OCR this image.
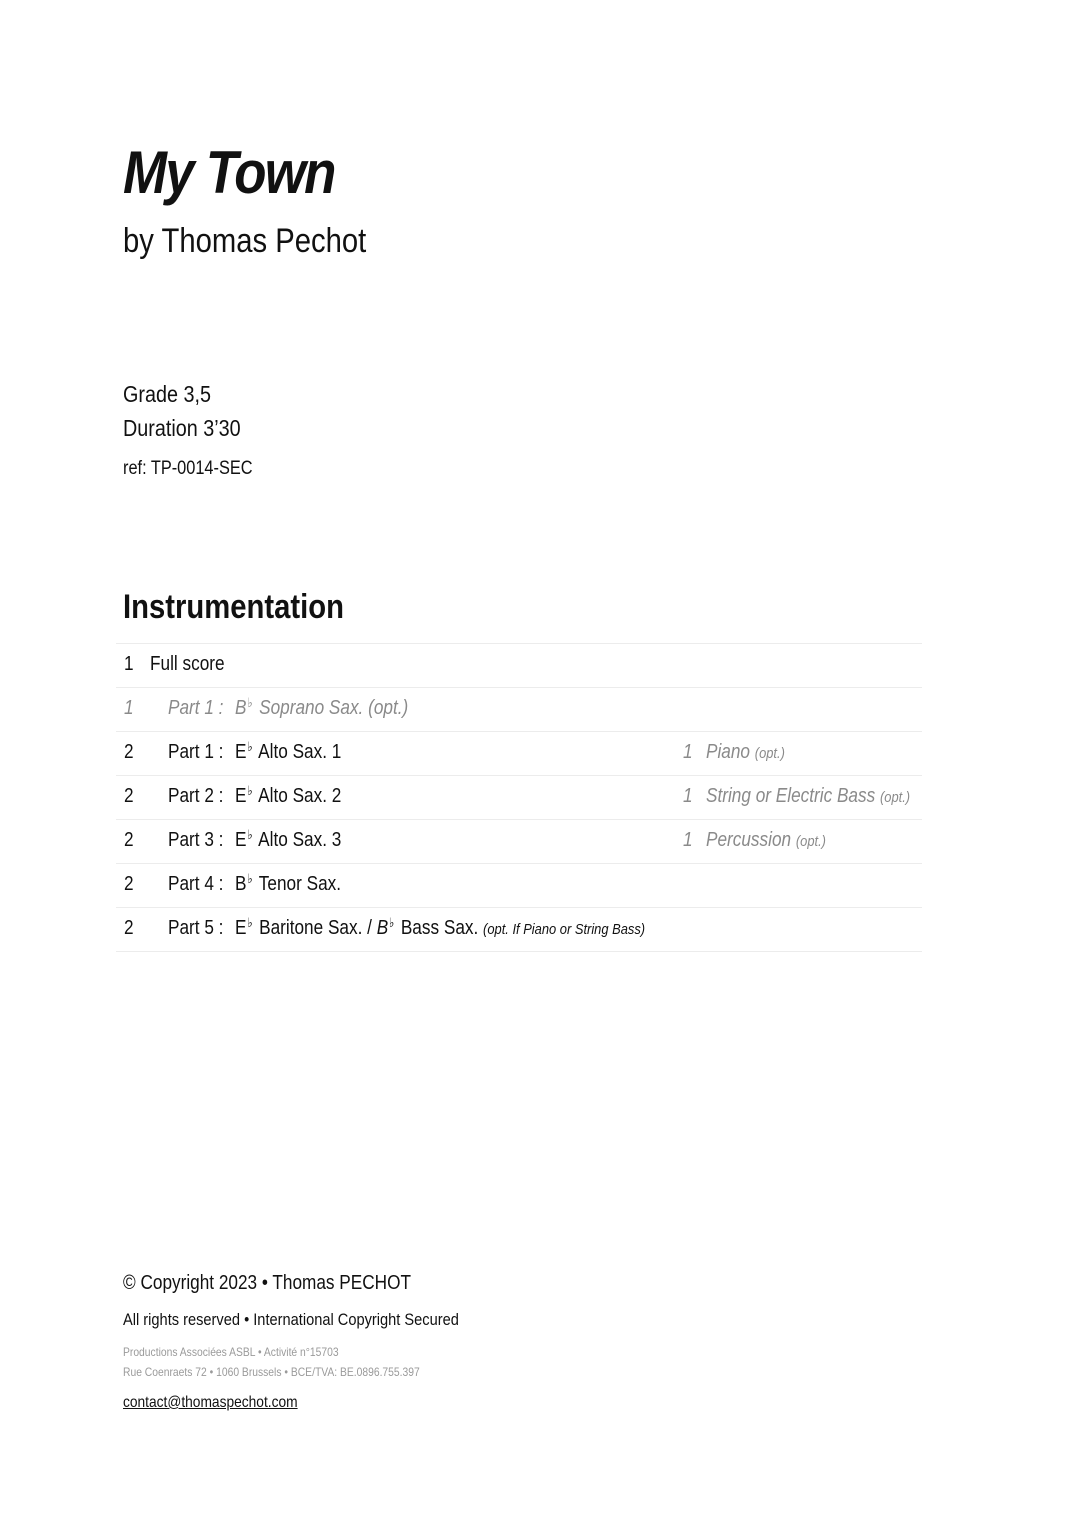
My Town
by Thomas Pechot
Grade 3,5
Duration 3’30
ref: TP-0014-SEC
Instrumentation
1 Full score
1 Part 1 : B♭ Soprano Sax. (opt.)
2 Part 1 : E♭ Alto Sax. 1	1 Piano (opt.)
2 Part 2 : E♭ Alto Sax. 2	1 String or Electric Bass (opt.)
2 Part 3 : E♭ Alto Sax. 3	1 Percussion (opt.)
2 Part 4 : B♭ Tenor Sax.
2 Part 5 : E♭ Baritone Sax. / B♭ Bass Sax. (opt. If Piano or String Bass)
© Copyright 2023 • Thomas PECHOT
All rights reserved • International Copyright Secured
Productions Associées ASBL • Activité n°15703
Rue Coenraets 72 • 1060 Brussels • BCE/TVA: BE.0896.755.397
contact@thomaspechot.com
